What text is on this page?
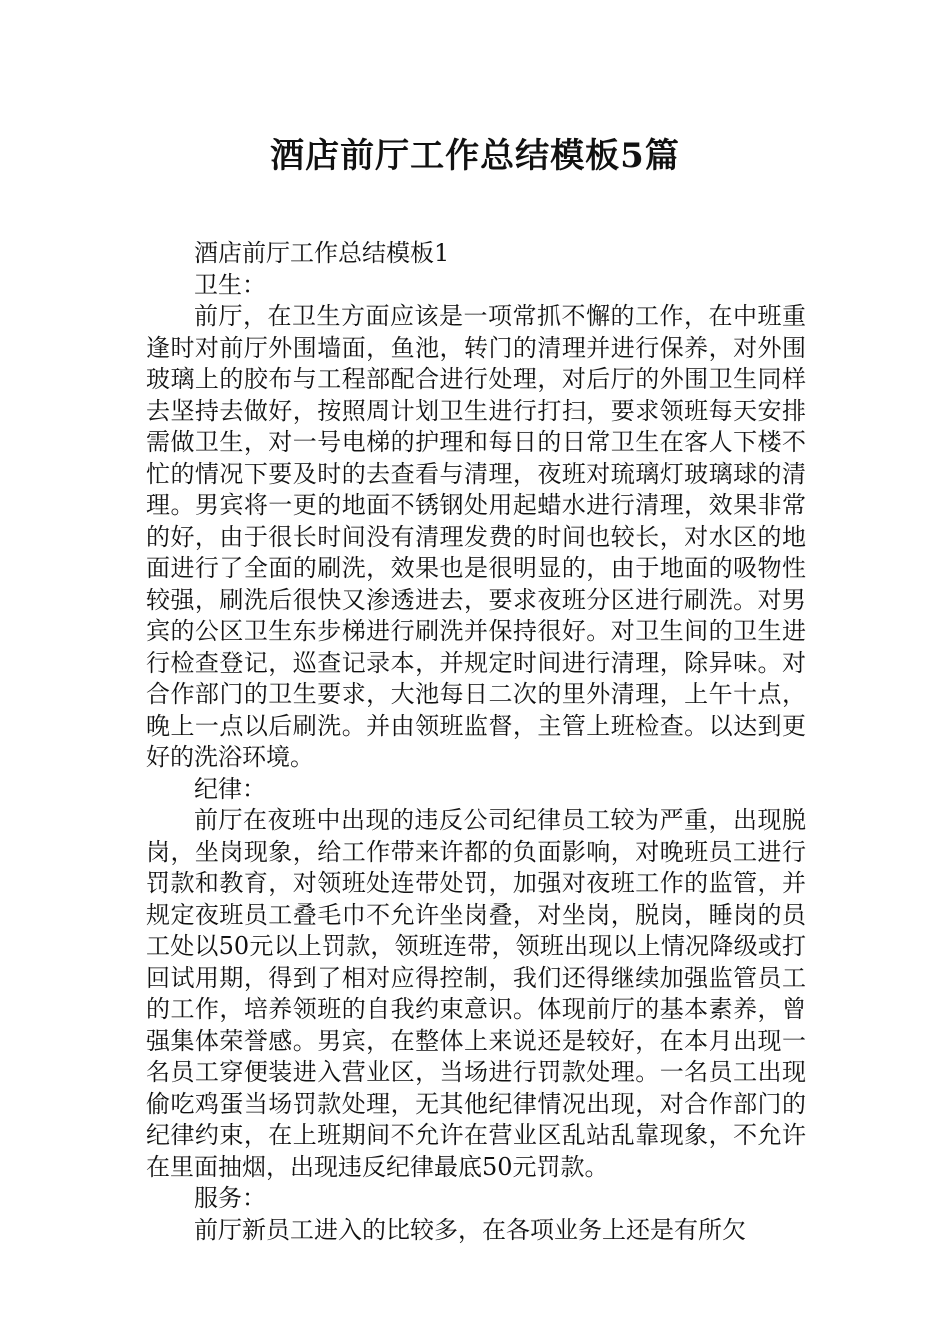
酒店前厅工作总结模板5篇

酒店前厅工作总结模板1

卫生：

前厅，在卫生方面应该是一项常抓不懈的工作，在中班重逢时对前厅外围墙面，鱼池，转门的清理并进行保养，对外围玻璃上的胶布与工程部配合进行处理，对后厅的外围卫生同样去坚持去做好，按照周计划卫生进行打扫，要求领班每天安排需做卫生，对一号电梯的护理和每日的日常卫生在客人下楼不忙的情况下要及时的去查看与清理，夜班对琉璃灯玻璃球的清理。男宾将一更的地面不锈钢处用起蜡水进行清理，效果非常的好，由于很长时间没有清理发费的时间也较长，对水区的地面进行了全面的刷洗，效果也是很明显的，由于地面的吸物性较强，刷洗后很快又渗透进去，要求夜班分区进行刷洗。对男宾的公区卫生东步梯进行刷洗并保持很好。对卫生间的卫生进行检查登记，巡查记录本，并规定时间进行清理，除异味。对合作部门的卫生要求，大池每日二次的里外清理，上午十点，晚上一点以后刷洗。并由领班监督，主管上班检查。以达到更好的洗浴环境。

纪律：

前厅在夜班中出现的违反公司纪律员工较为严重，出现脱岗，坐岗现象，给工作带来许都的负面影响，对晚班员工进行罚款和教育，对领班处连带处罚，加强对夜班工作的监管，并规定夜班员工叠毛巾不允许坐岗叠，对坐岗，脱岗，睡岗的员工处以50元以上罚款，领班连带，领班出现以上情况降级或打回试用期，得到了相对应得控制，我们还得继续加强监管员工的工作，培养领班的自我约束意识。体现前厅的基本素养，曾强集体荣誉感。男宾，在整体上来说还是较好，在本月出现一名员工穿便装进入营业区，当场进行罚款处理。一名员工出现偷吃鸡蛋当场罚款处理，无其他纪律情况出现，对合作部门的纪律约束，在上班期间不允许在营业区乱站乱靠现象，不允许在里面抽烟，出现违反纪律最底50元罚款。

服务：

前厅新员工进入的比较多，在各项业务上还是有所欠
